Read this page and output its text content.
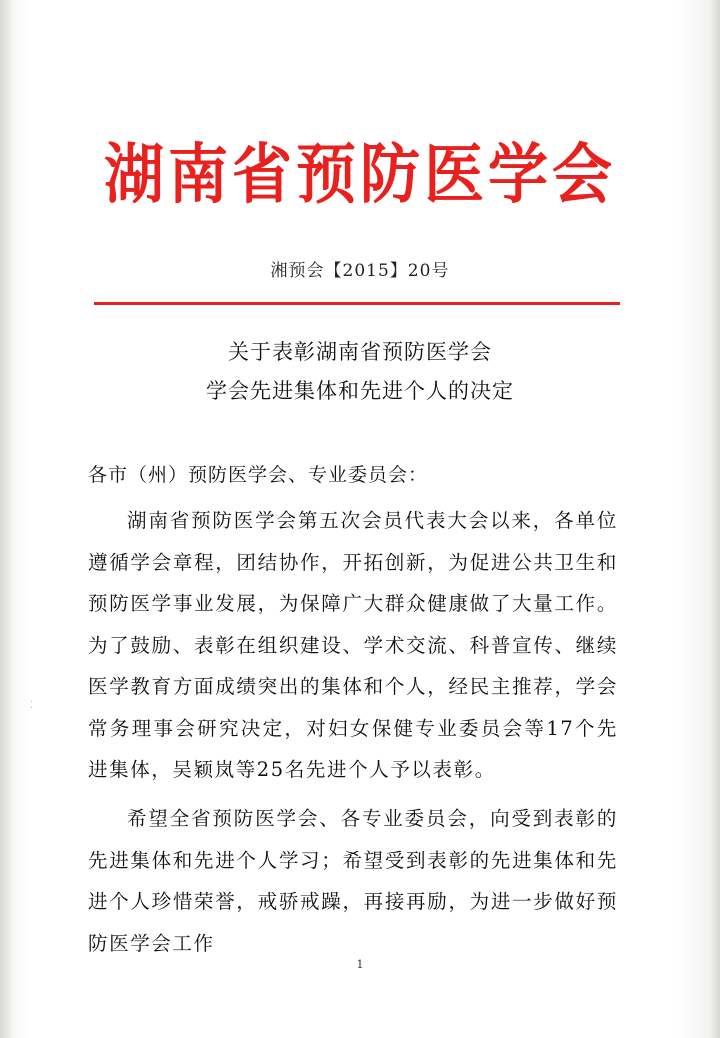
湖南省预防医学会
湘预会【2015】20号
关于表彰湖南省预防医学会
学会先进集体和先进个人的决定
各市（州）预防医学会、专业委员会：

湖南省预防医学会第五次会员代表大会以来，各单位遵循学会章程，团结协作，开拓创新，为促进公共卫生和预防医学事业发展，为保障广大群众健康做了大量工作。为了鼓励、表彰在组织建设、学术交流、科普宣传、继续医学教育方面成绩突出的集体和个人，经民主推荐，学会常务理事会研究决定，对妇女保健专业委员会等17个先进集体，吴颖岚等25名先进个人予以表彰。

希望全省预防医学会、各专业委员会，向受到表彰的先进集体和先进个人学习；希望受到表彰的先进集体和先进个人珍惜荣誉，戒骄戒躁，再接再励，为进一步做好预防医学会工作

⁚
1
